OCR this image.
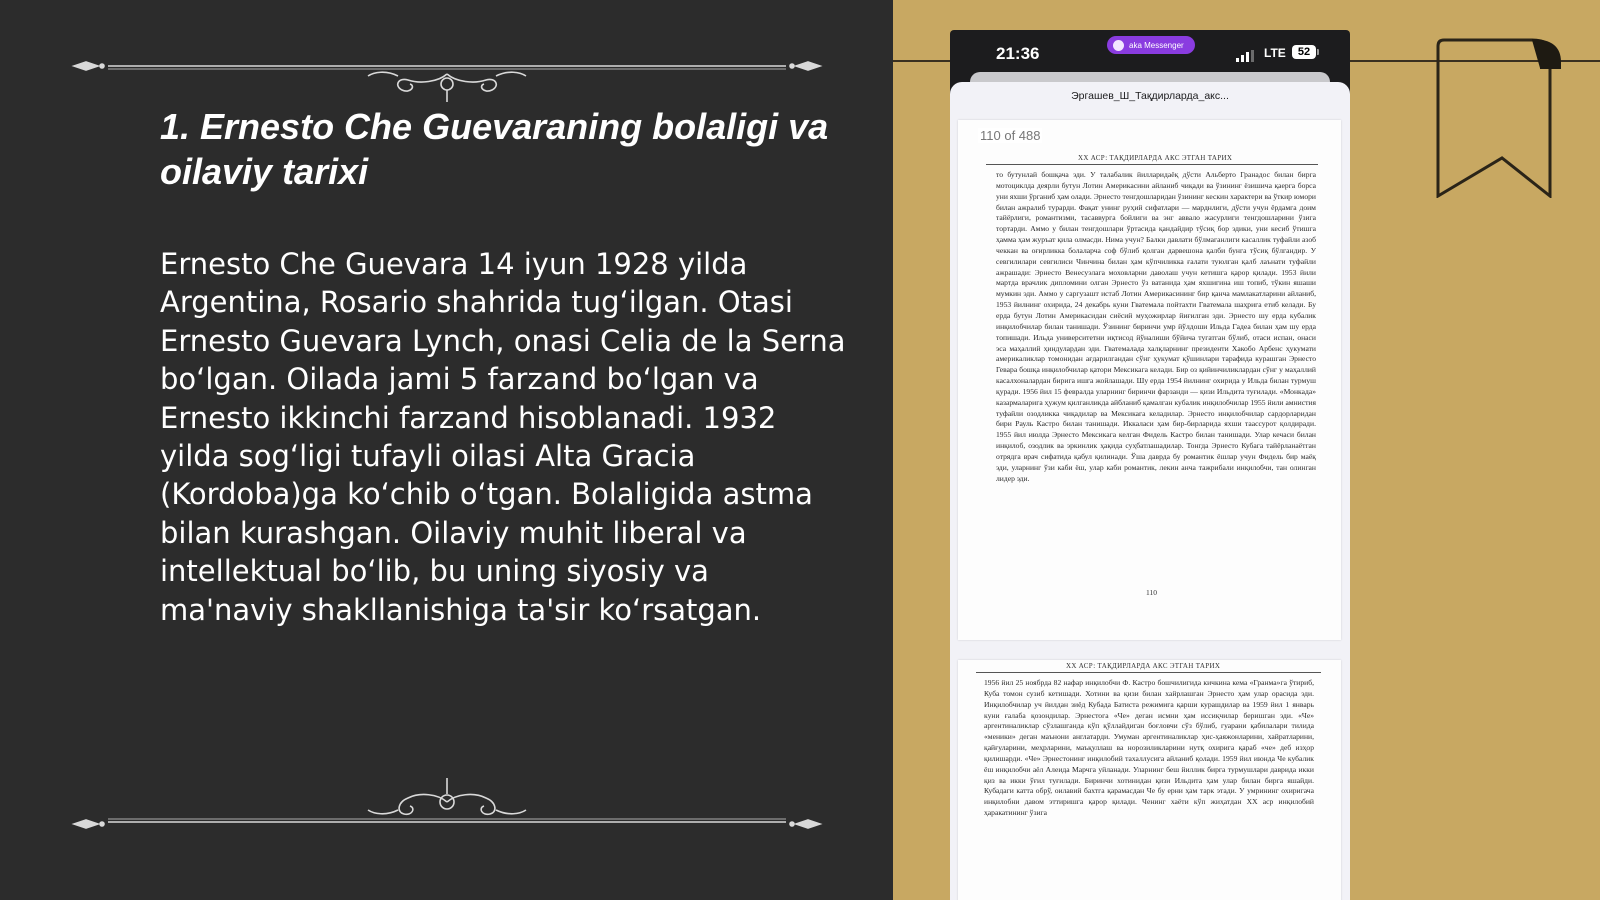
1. Ernesto Che Guevaraning bolaligi va oilaviy tarixi

Ernesto Che Guevara 14 iyun 1928 yilda Argentina, Rosario shahrida tug‘ilgan. Otasi Ernesto Guevara Lynch, onasi Celia de la Serna bo‘lgan. Oilada jami 5 farzand bo‘lgan va Ernesto ikkinchi farzand hisoblanadi. 1932 yilda sog‘ligi tufayli oilasi Alta Gracia (Kordoba)ga ko‘chib o‘tgan. Bolaligida astma bilan kurashgan. Oilaviy muhit liberal va intellektual bo‘lib, bu uning siyosiy va ma'naviy shakllanishiga ta'sir ko‘rsatgan.

21:36	aka Messenger
LTE	52
Эргашев_Ш_Тақдирларда_акс...
110 of 488
XX АСР: ТАҚДИРЛАРДА АКС ЭТГАН ТАРИХ

то бутунлай бошқача эди. У талабалик йилларидаёқ дўсти Альберто Гранадос билан бирга мотоциклда деярли бутун Лотин Америкасини айланиб чиқади ва ўзининг ёзишича қаерга борса уни яхши ўрганиб ҳам олади. Эрнесто тенгдошларидан ўзининг кескин характери ва ўткир юмори билан ажралиб турарди. Фақат унинг руҳий сифатлари — марднлиги, дўсти учун ёрдамга доим тайёрлиги, романтизми, тасаввурга бойлиги ва энг аввало жасурлиги тенгдошларини ўзига тортарди. Аммо у билан тенгдошлари ўртасида қандайдир тўсиқ бор эдики, уни кесиб ўтишга ҳамма ҳам журъат қила олмасди. Нима учун? Балки давлати бўлмаганлиги касаллик туфайли азоб чеккан ва оғирликка болаларча соф бўлиб қолган дарвешона қалби бунга тўсиқ бўлгандир. У севгилилари севгилиси Чинчина билан ҳам кўпчиликка ғалати туюлган қалб лаънати туфайли ажрашади: Эрнесто Венесуэлага моховларни даволаш учун кетишга қарор қилади. 1953 йили мартда врачлик дипломини олган Эрнесто ўз ватанида ҳам яхшигина иш топиб, тўкин яшаши мумкин эди. Аммо у саргузашт истаб Лотин Америкасининг бир қанча мамлакатларини айланиб, 1953 йилнинг охирида, 24 декабрь куни Гватемала пойтахти Гватемала шаҳрига етиб келади. Бу ерда бутун Лотин Америкасидан сиёсий муҳожирлар йиғилган эди. Эрнесто шу ерда кубалик инқилобчилар билан танишади. Ўзининг биринчи умр йўлдоши Ильда Гадеа билан ҳам шу ерда топишади. Ильда университетни иқтисод йўналиши бўйича тугатган бўлиб, отаси испан, онаси эса маҳаллий ҳиндулардан эди. Гватемалада халқларнинг президенти Хакобо Арбенс ҳукумати америкаликлар томонидан ағдарилгандан сўнг ҳукумат қўшинлари тарафида курашган Эрнесто Гевара бошқа инқилобчилар қатори Мексикага келади. Бир оз қийинчиликлардан сўнг у маҳаллий касалхоналардан бирига ишга жойлашади. Шу ерда 1954 йилнинг охирида у Ильда билан турмуш қуради. 1956 йил 15 февралда уларнинг биринчи фарзанди — қизи Ильдита туғилади. «Монкада» казармаларига ҳужум қилганликда айбланиб қамалган кубалик инқилобчилар 1955 йили амнистия туфайли озодликка чиқадилар ва Мексикага келадилар. Эрнесто инқилобчилар сардорларидан бири Рауль Кастро билан танишади. Иккаласи ҳам бир-бирларида яхши таассурот қолдиради. 1955 йил июлда Эрнесто Мексикага келган Фидель Кастро билан танишади. Улар кечаси билан инқилоб, озодлик ва эркинлик ҳақида суҳбатлашадилар. Тонгда Эрнесто Кубага тайёрланаётган отрядга врач сифатида қабул қилинади. Ўша даврда бу романтик ёшлар учун Фидель бир маёқ эди, уларнинг ўзи каби ёш, улар каби романтик, лекин анча тажрибали инқилобчи, тан олинган лидер эди.

110
XX АСР: ТАҚДИРЛАРДА АКС ЭТГАН ТАРИХ

1956 йил 25 ноябрда 82 нафар инқилобчи Ф. Кастро бошчилигида кичкина кема «Гранма»га ўтириб, Куба томон сузиб кетишади. Хотини ва қизи билан хайрлашган Эрнесто ҳам улар орасида эди. Инқилобчилар уч йилдан зиёд Кубада Батиста режимига қарши курашдилар ва 1959 йил 1 январь куни ғалаба қозондилар. Эрнестога «Че» деган исмни ҳам иссиқчилар беришган эди. «Че» аргентиналиклар сўзлашганда кўп қўллайдиган боғловчи сўз бўлиб, гуарани қабилалари тилида «меники» деган маънони англатарди. Умуман аргентиналиклар ҳис-ҳаяжонларини, хайратларини, қайғуларини, меҳрларини, маъқуллаш ва норозиликларини нутқ охирига қараб «че» деб изҳор қилишарди. «Че» Эрнестонинг инқилобий тахаллусига айланиб қолади. 1959 йил июнда Че кубалик ёш инқилобчи аёл Алеида Марчга уйланади. Уларнинг беш йиллик бирга турмушлари даврида икки қиз ва икки ўғил туғилади. Биринчи хотинидан қизи Ильдита ҳам улар билан бирга яшайди. Кубадаги катта обрў, оилавий бахтга қарамасдан Че бу ерни ҳам тарк этади. У умрининг охиригача инқилобни давом эттиришга қарор қилади. Ченинг хаёти кўп жиҳатдан ХХ аср инқилобий ҳаракатининг ўзига
